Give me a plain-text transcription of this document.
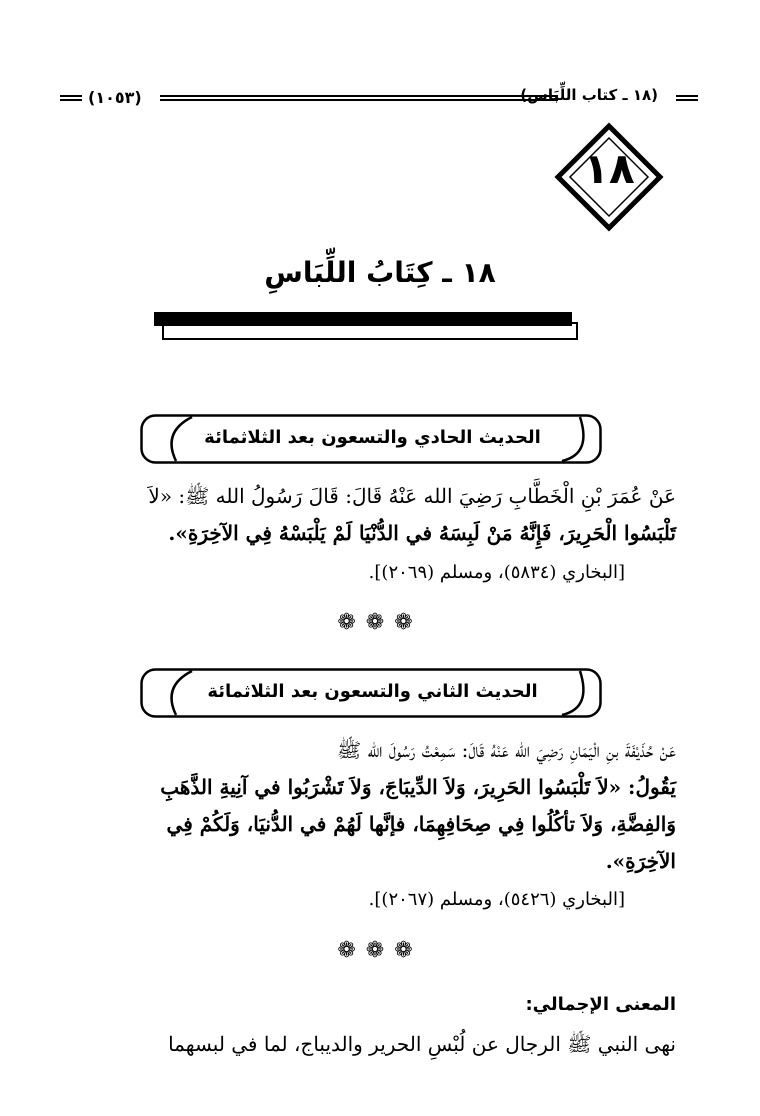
(١٠٥٣)	(١٨ ـ كتاب اللِّبَاس)
١٨
١٨ ـ كِتَابُ اللِّبَاسِ
الحديث الحادي والتسعون بعد الثلاثمائة
عَنْ عُمَرَ بْنِ الْخَطَّابِ رَضِيَ الله عَنْهُ قَالَ: قَالَ رَسُولُ الله ﷺ: «لاَ
تَلْبَسُوا الْحَرِيرَ، فَإِنَّهُ مَنْ لَبِسَهُ في الدُّنْيَا لَمْ يَلْبَسْهُ فِي الآخِرَةِ».
[البخاري (٥٨٣٤)، ومسلم (٢٠٦٩)].
❁❁❁
الحديث الثاني والتسعون بعد الثلاثمائة
عَنْ حُذَيْفَةَ بنِ الْيَمَانِ رَضِيَ الله عَنْهُ قَالَ: سَمِعْتُ رَسُولَ الله ﷺ
يَقُولُ: «لاَ تَلْبَسُوا الحَرِيرَ، وَلاَ الدِّيبَاجَ، وَلاَ تَشْرَبُوا في آنِيةِ الذَّهَبِ
وَالفِضَّةِ، وَلاَ تأكُلُوا فِي صِحَافِهِمَا، فإنَّها لَهُمْ في الدُّنيَا، وَلَكُمْ فِي
الآخِرَةِ».
[البخاري (٥٤٢٦)، ومسلم (٢٠٦٧)].
❁❁❁
المعنى الإجمالي:
نهى النبي ﷺ الرجال عن لُبْسِ الحرير والديباج، لما في لبسهما
